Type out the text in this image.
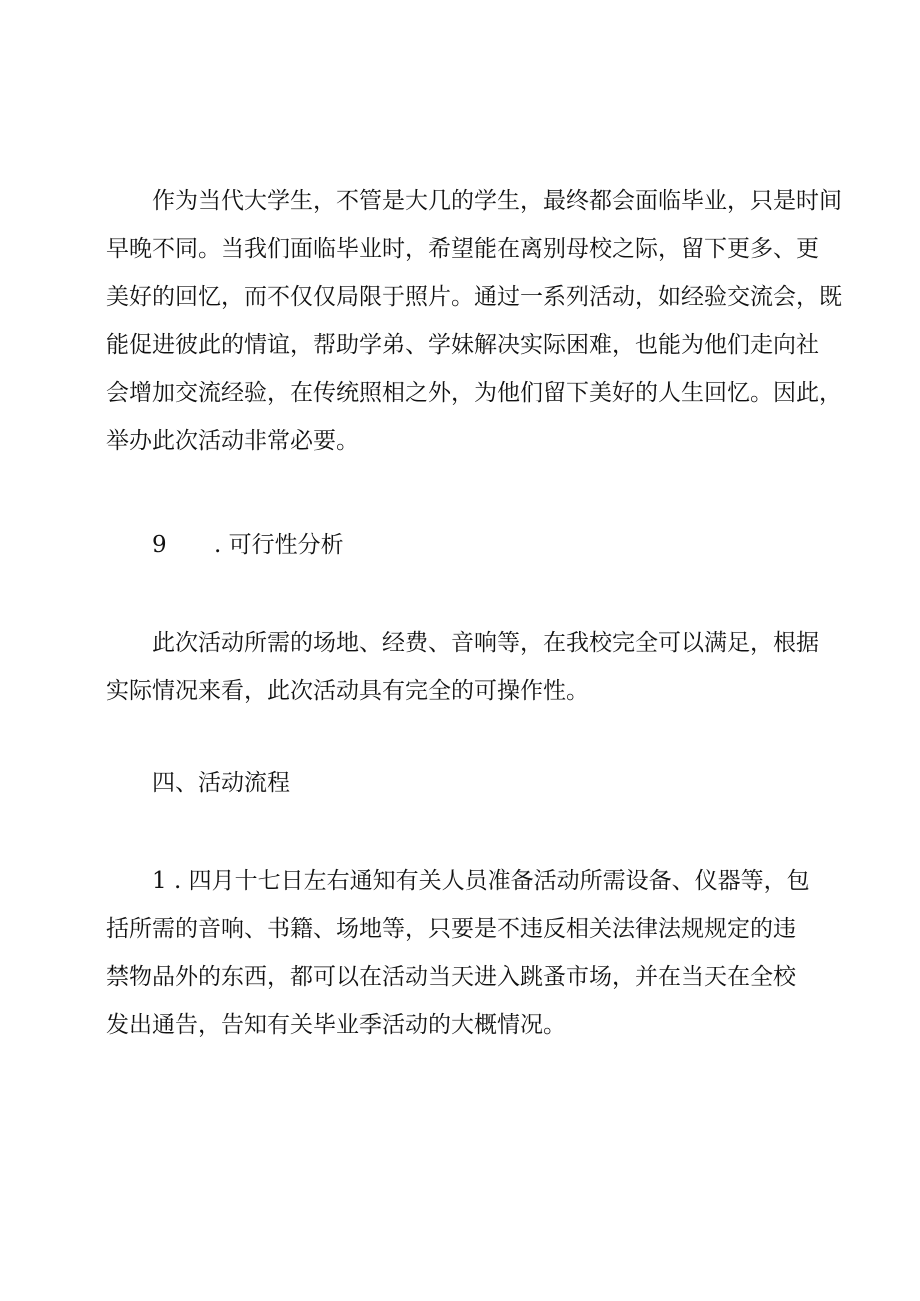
作为当代大学生，不管是大几的学生，最终都会面临毕业，只是时间
早晚不同。当我们面临毕业时，希望能在离别母校之际，留下更多、更
美好的回忆，而不仅仅局限于照片。通过一系列活动，如经验交流会，既
能促进彼此的情谊，帮助学弟、学妹解决实际困难，也能为他们走向社
会增加交流经验，在传统照相之外，为他们留下美好的人生回忆。因此，
举办此次活动非常必要。
9 . 可行性分析
此次活动所需的场地、经费、音响等，在我校完全可以满足，根据
实际情况来看，此次活动具有完全的可操作性。
四、活动流程
1 . 四月十七日左右通知有关人员准备活动所需设备、仪器等，包
括所需的音响、书籍、场地等，只要是不违反相关法律法规规定的违
禁物品外的东西，都可以在活动当天进入跳蚤市场，并在当天在全校
发出通告，告知有关毕业季活动的大概情况。
